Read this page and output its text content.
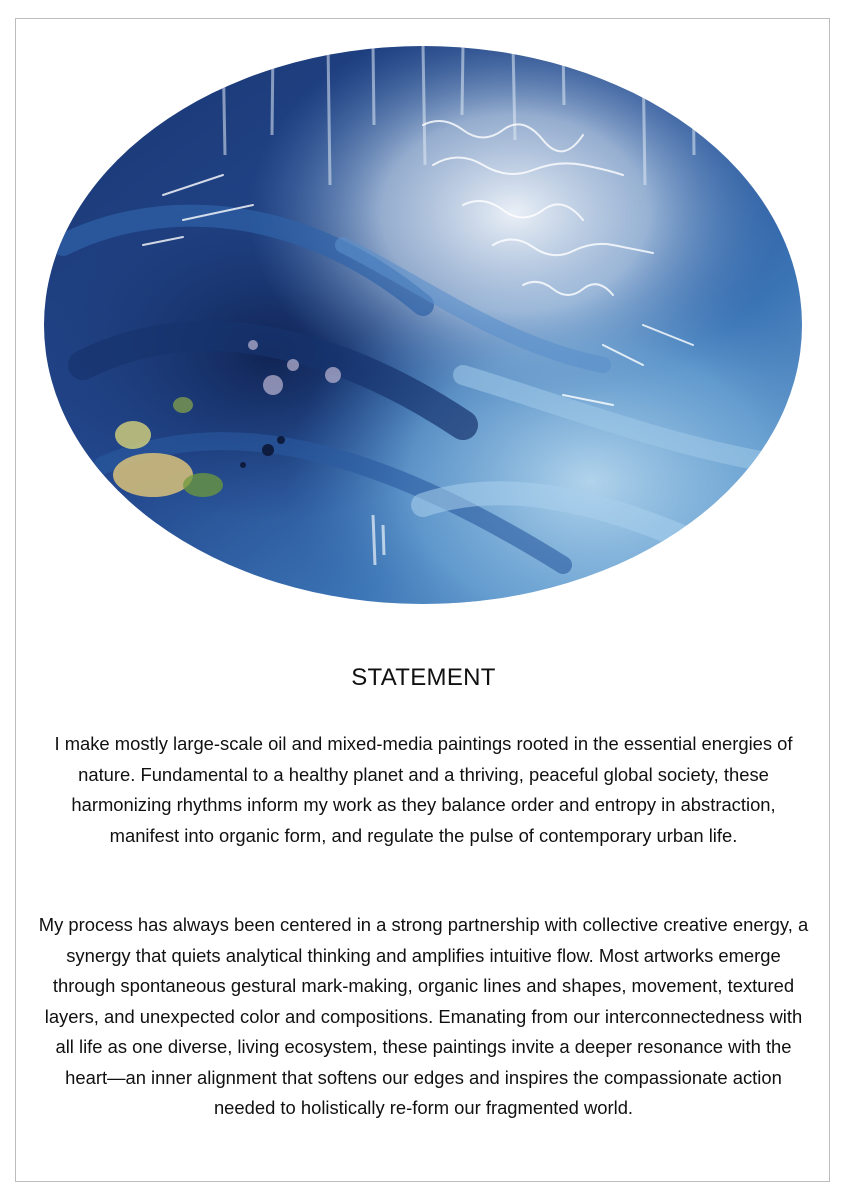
STATEMENT
I make mostly large-scale oil and mixed-media paintings rooted in the essential energies of nature. Fundamental to a healthy planet and a thriving, peaceful global society, these harmonizing rhythms inform my work as they balance order and entropy in abstraction, manifest into organic form, and regulate the pulse of contemporary urban life.
My process has always been centered in a strong partnership with collective creative energy, a synergy that quiets analytical thinking and amplifies intuitive flow. Most artworks emerge through spontaneous gestural mark-making, organic lines and shapes, movement, textured layers, and unexpected color and compositions. Emanating from our interconnectedness with all life as one diverse, living ecosystem, these paintings invite a deeper resonance with the heart—an inner alignment that softens our edges and inspires the compassionate action needed to holistically re-form our fragmented world.
